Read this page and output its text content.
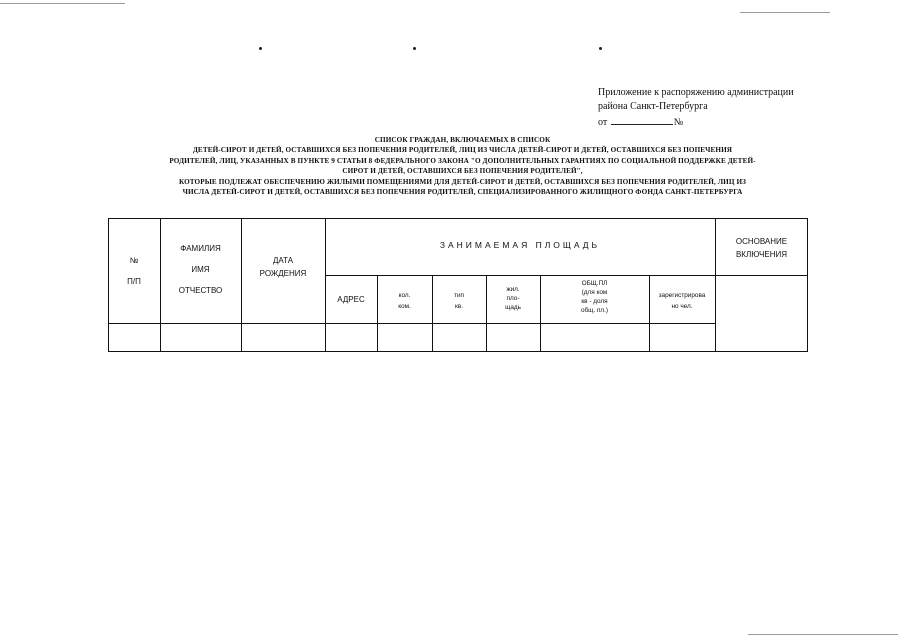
Приложение к распоряжению администрации
района Санкт-Петербурга
от	№
СПИСОК ГРАЖДАН, ВКЛЮЧАЕМЫХ В СПИСОК
ДЕТЕЙ-СИРОТ И ДЕТЕЙ, ОСТАВШИХСЯ БЕЗ ПОПЕЧЕНИЯ РОДИТЕЛЕЙ, ЛИЦ ИЗ ЧИСЛА ДЕТЕЙ-СИРОТ И ДЕТЕЙ, ОСТАВШИХСЯ БЕЗ ПОПЕЧЕНИЯ
РОДИТЕЛЕЙ, ЛИЦ, УКАЗАННЫХ В ПУНКТЕ 9 СТАТЬИ 8 ФЕДЕРАЛЬНОГО ЗАКОНА "О ДОПОЛНИТЕЛЬНЫХ ГАРАНТИЯХ ПО СОЦИАЛЬНОЙ ПОДДЕРЖКЕ ДЕТЕЙ-
СИРОТ И ДЕТЕЙ, ОСТАВШИХСЯ БЕЗ ПОПЕЧЕНИЯ РОДИТЕЛЕЙ",
КОТОРЫЕ ПОДЛЕЖАТ ОБЕСПЕЧЕНИЮ ЖИЛЫМИ ПОМЕЩЕНИЯМИ ДЛЯ ДЕТЕЙ-СИРОТ И ДЕТЕЙ, ОСТАВШИХСЯ БЕЗ ПОПЕЧЕНИЯ РОДИТЕЛЕЙ, ЛИЦ ИЗ
ЧИСЛА ДЕТЕЙ-СИРОТ И ДЕТЕЙ, ОСТАВШИХСЯ БЕЗ ПОПЕЧЕНИЯ РОДИТЕЛЕЙ, СПЕЦИАЛИЗИРОВАННОГО ЖИЛИЩНОГО ФОНДА САНКТ-ПЕТЕРБУРГА
№
П/П
ФАМИЛИЯ
ИМЯ
ОТЧЕСТВО
ДАТА
РОЖДЕНИЯ
ЗАНИМАЕМАЯ ПЛОЩАДЬ
АДРЕС	кол.
ком.
тип
кв.
жил.
пло-
щадь
ОБЩ.ПЛ
(для ком
кв - доля
общ. пл.)
зарегистрирова
но чел.
ОСНОВАНИЕ
ВКЛЮЧЕНИЯ
